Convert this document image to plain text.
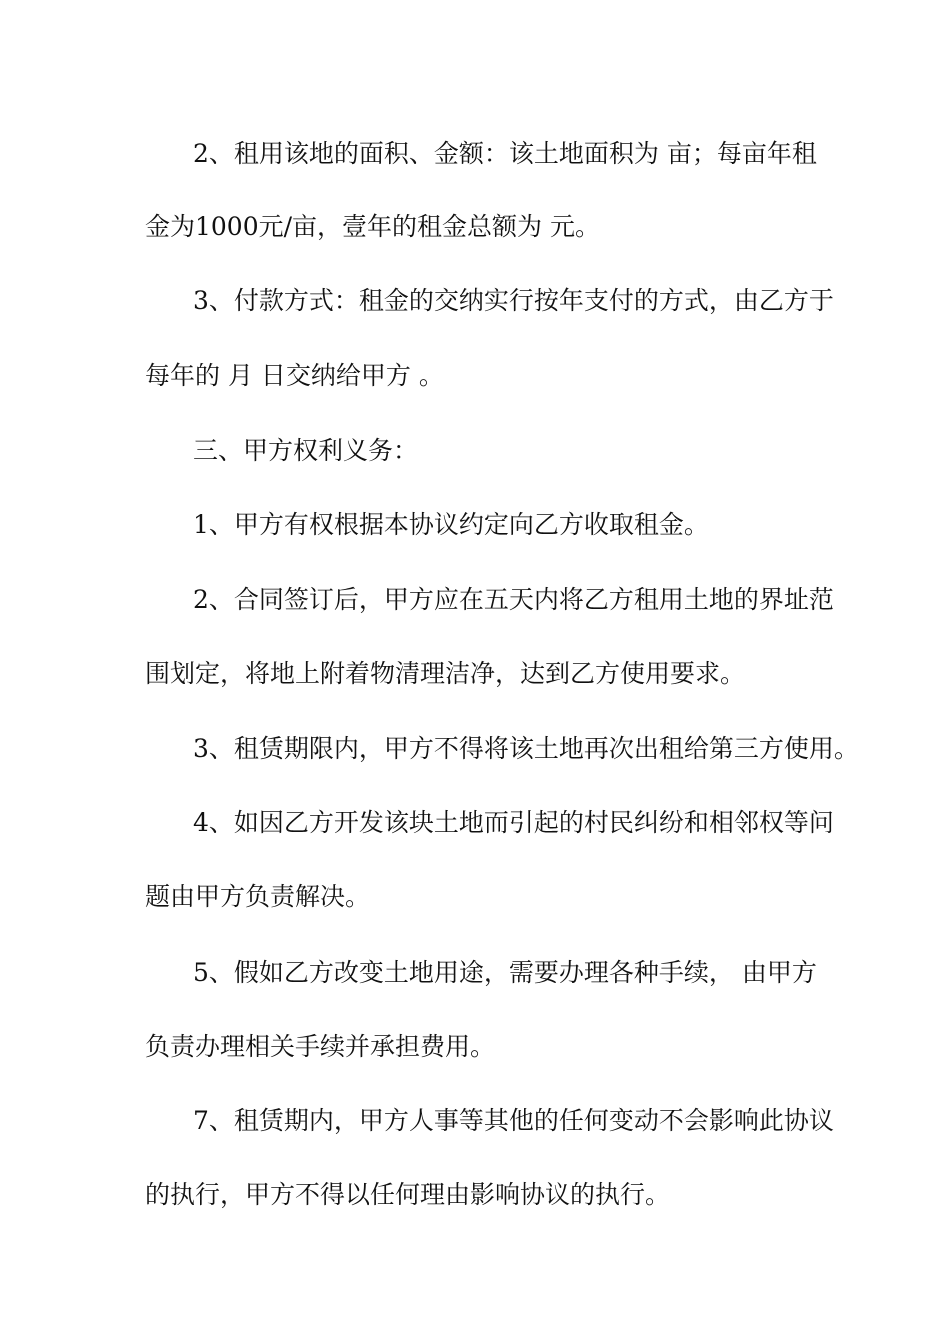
2、租用该地的面积、金额：该土地面积为 亩；每亩年租
金为1000元/亩，壹年的租金总额为 元。
3、付款方式：租金的交纳实行按年支付的方式，由乙方于
每年的 月 日交纳给甲方 。
三、甲方权利义务：
1、甲方有权根据本协议约定向乙方收取租金。
2、合同签订后，甲方应在五天内将乙方租用土地的界址范
围划定，将地上附着物清理洁净，达到乙方使用要求。
3、租赁期限内，甲方不得将该土地再次出租给第三方使用。
4、如因乙方开发该块土地而引起的村民纠纷和相邻权等问
题由甲方负责解决。
5、假如乙方改变土地用途，需要办理各种手续， 由甲方
负责办理相关手续并承担费用。
7、租赁期内，甲方人事等其他的任何变动不会影响此协议
的执行，甲方不得以任何理由影响协议的执行。
